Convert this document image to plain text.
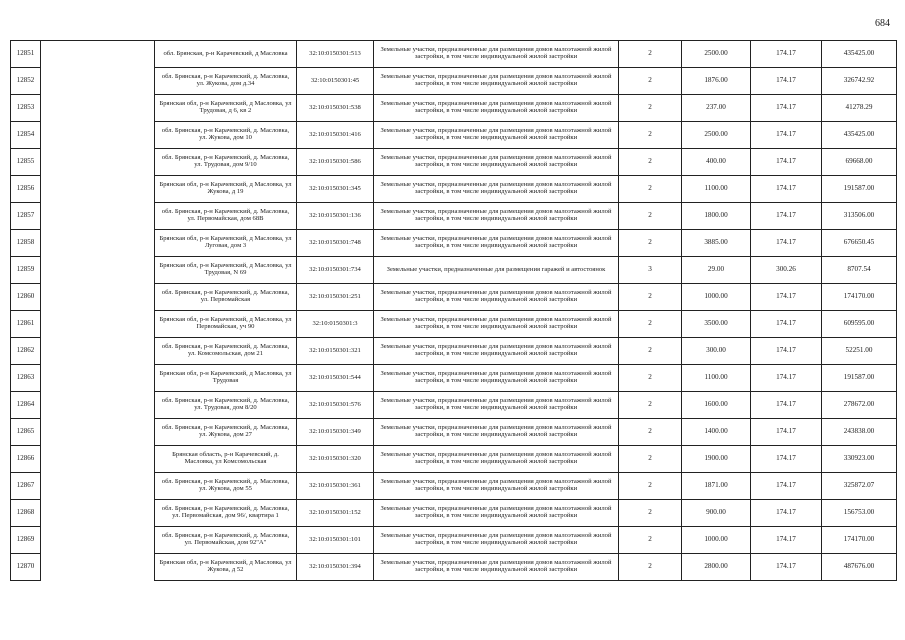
684
12851		обл. Брянская, р-н Карачевский, д Масловка	32:10:0150301:513	Земельные участки, предназначенные для размещения домов малоэтажной жилой застройки, в том числе индивидуальной жилой застройки	2	2500.00	174.17	435425.00
12852		обл. Брянская, р-н Карачевский, д. Масловка, ул. Жукова, дом д.34	32:10:0150301:45	Земельные участки, предназначенные для размещения домов малоэтажной жилой застройки, в том числе индивидуальной жилой застройки	2	1876.00	174.17	326742.92
12853		Брянская обл, р-н Карачевский, д Масловка, ул Трудовая, д 6, кв 2	32:10:0150301:538	Земельные участки, предназначенные для размещения домов малоэтажной жилой застройки, в том числе индивидуальной жилой застройки	2	237.00	174.17	41278.29
12854		обл. Брянская, р-н Карачевский, д. Масловка, ул. Жукова, дом 10	32:10:0150301:416	Земельные участки, предназначенные для размещения домов малоэтажной жилой застройки, в том числе индивидуальной жилой застройки	2	2500.00	174.17	435425.00
12855		обл. Брянская, р-н Карачевский, д. Масловка, ул. Трудовая, дом 9/10	32:10:0150301:586	Земельные участки, предназначенные для размещения домов малоэтажной жилой застройки, в том числе индивидуальной жилой застройки	2	400.00	174.17	69668.00
12856		Брянская обл, р-н Карачевский, д Масловка, ул Жукова, д 19	32:10:0150301:345	Земельные участки, предназначенные для размещения домов малоэтажной жилой застройки, в том числе индивидуальной жилой застройки	2	1100.00	174.17	191587.00
12857		обл. Брянская, р-н Карачевский, д. Масловка, ул. Первомайская, дом 68В	32:10:0150301:136	Земельные участки, предназначенные для размещения домов малоэтажной жилой застройки, в том числе индивидуальной жилой застройки	2	1800.00	174.17	313506.00
12858		Брянская обл, р-н Карачевский, д Масловка, ул Луговая, дом 3	32:10:0150301:748	Земельные участки, предназначенные для размещения домов малоэтажной жилой застройки, в том числе индивидуальной жилой застройки	2	3885.00	174.17	676650.45
12859		Брянская обл, р-н Карачевский, д Масловка, ул Трудовая, N 69	32:10:0150301:734	Земельные участки, предназначенные для размещения гаражей и автостоянок	3	29.00	300.26	8707.54
12860		обл. Брянская, р-н Карачевский, д. Масловка, ул. Первомайская	32:10:0150301:251	Земельные участки, предназначенные для размещения домов малоэтажной жилой застройки, в том числе индивидуальной жилой застройки	2	1000.00	174.17	174170.00
12861		Брянская обл, р-н Карачевский, д Масловка, ул Первомайская, уч 90	32:10:0150301:3	Земельные участки, предназначенные для размещения домов малоэтажной жилой застройки, в том числе индивидуальной жилой застройки	2	3500.00	174.17	609595.00
12862		обл. Брянская, р-н Карачевский, д. Масловка, ул. Комсомольская, дом 21	32:10:0150301:321	Земельные участки, предназначенные для размещения домов малоэтажной жилой застройки, в том числе индивидуальной жилой застройки	2	300.00	174.17	52251.00
12863		Брянская обл, р-н Карачевский, д Масловка, ул Трудовая	32:10:0150301:544	Земельные участки, предназначенные для размещения домов малоэтажной жилой застройки, в том числе индивидуальной жилой застройки	2	1100.00	174.17	191587.00
12864		обл. Брянская, р-н Карачевский, д. Масловка, ул. Трудовая, дом 8/20	32:10:0150301:576	Земельные участки, предназначенные для размещения домов малоэтажной жилой застройки, в том числе индивидуальной жилой застройки	2	1600.00	174.17	278672.00
12865		обл. Брянская, р-н Карачевский, д. Масловка, ул. Жукова, дом 27	32:10:0150301:349	Земельные участки, предназначенные для размещения домов малоэтажной жилой застройки, в том числе индивидуальной жилой застройки	2	1400.00	174.17	243838.00
12866		Брянская область, р-н Карачевский, д. Масловка, ул Комсомольская	32:10:0150301:320	Земельные участки, предназначенные для размещения домов малоэтажной жилой застройки, в том числе индивидуальной жилой застройки	2	1900.00	174.17	330923.00
12867		обл. Брянская, р-н Карачевский, д. Масловка, ул. Жукова, дом 55	32:10:0150301:361	Земельные участки, предназначенные для размещения домов малоэтажной жилой застройки, в том числе индивидуальной жилой застройки	2	1871.00	174.17	325872.07
12868		обл. Брянская, р-н Карачевский, д. Масловка, ул. Первомайская, дом 96/, квартира 1	32:10:0150301:152	Земельные участки, предназначенные для размещения домов малоэтажной жилой застройки, в том числе индивидуальной жилой застройки	2	900.00	174.17	156753.00
12869		обл. Брянская, р-н Карачевский, д. Масловка, ул. Первомайская, дом 92"А"	32:10:0150301:101	Земельные участки, предназначенные для размещения домов малоэтажной жилой застройки, в том числе индивидуальной жилой застройки	2	1000.00	174.17	174170.00
12870		Брянская обл, р-н Карачевский, д Масловка, ул Жукова, д 52	32:10:0150301:394	Земельные участки, предназначенные для размещения домов малоэтажной жилой застройки, в том числе индивидуальной жилой застройки	2	2800.00	174.17	487676.00
